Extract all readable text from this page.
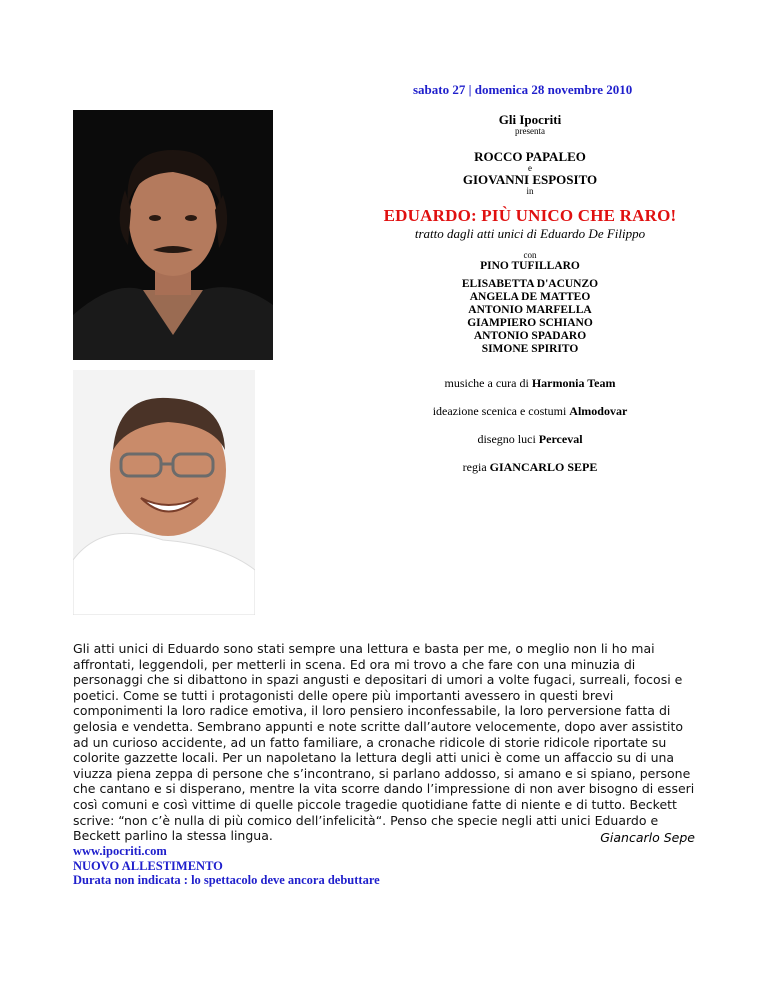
sabato 27 | domenica 28 novembre 2010
Gli Ipocriti
presenta
ROCCO PAPALEO
e
GIOVANNI ESPOSITO
in
EDUARDO: PIÙ UNICO CHE RARO!
tratto dagli atti unici di Eduardo De Filippo
con
PINO TUFILLARO
ELISABETTA D'ACUNZO
ANGELA DE MATTEO
ANTONIO MARFELLA
GIAMPIERO SCHIANO
ANTONIO SPADARO
SIMONE SPIRITO
musiche a cura di Harmonia Team
ideazione scenica e costumi Almodovar
disegno luci Perceval
regia GIANCARLO SEPE
Gli atti unici di Eduardo sono stati sempre una lettura e basta per me, o meglio non li ho mai affrontati, leggendoli, per metterli in scena. Ed ora mi trovo a che fare con una minuzia di personaggi che si dibattono in spazi angusti e depositari di umori a volte fugaci, surreali, focosi e poetici. Come se tutti i protagonisti delle opere più importanti avessero in questi brevi componimenti la loro radice emotiva, il loro pensiero inconfessabile, la loro perversione fatta di gelosia e vendetta. Sembrano appunti e note scritte dall’autore velocemente, dopo aver assistito ad un curioso accidente, ad un fatto familiare, a cronache ridicole di storie ridicole riportate su colorite gazzette locali. Per un napoletano la lettura degli atti unici è come un affaccio su di una viuzza piena zeppa di persone che s’incontrano, si parlano addosso, si amano e si spiano, persone che cantano e si disperano, mentre la vita scorre dando l’impressione di non aver bisogno di esseri così comuni e così vittime di quelle piccole tragedie quotidiane fatte di niente e di tutto. Beckett scrive: “non c’è nulla di più comico dell’infelicità“. Penso che specie negli atti unici Eduardo e Beckett parlino la stessa lingua.	Giancarlo Sepe
www.ipocriti.com
NUOVO ALLESTIMENTO
Durata non indicata : lo spettacolo deve ancora debuttare
